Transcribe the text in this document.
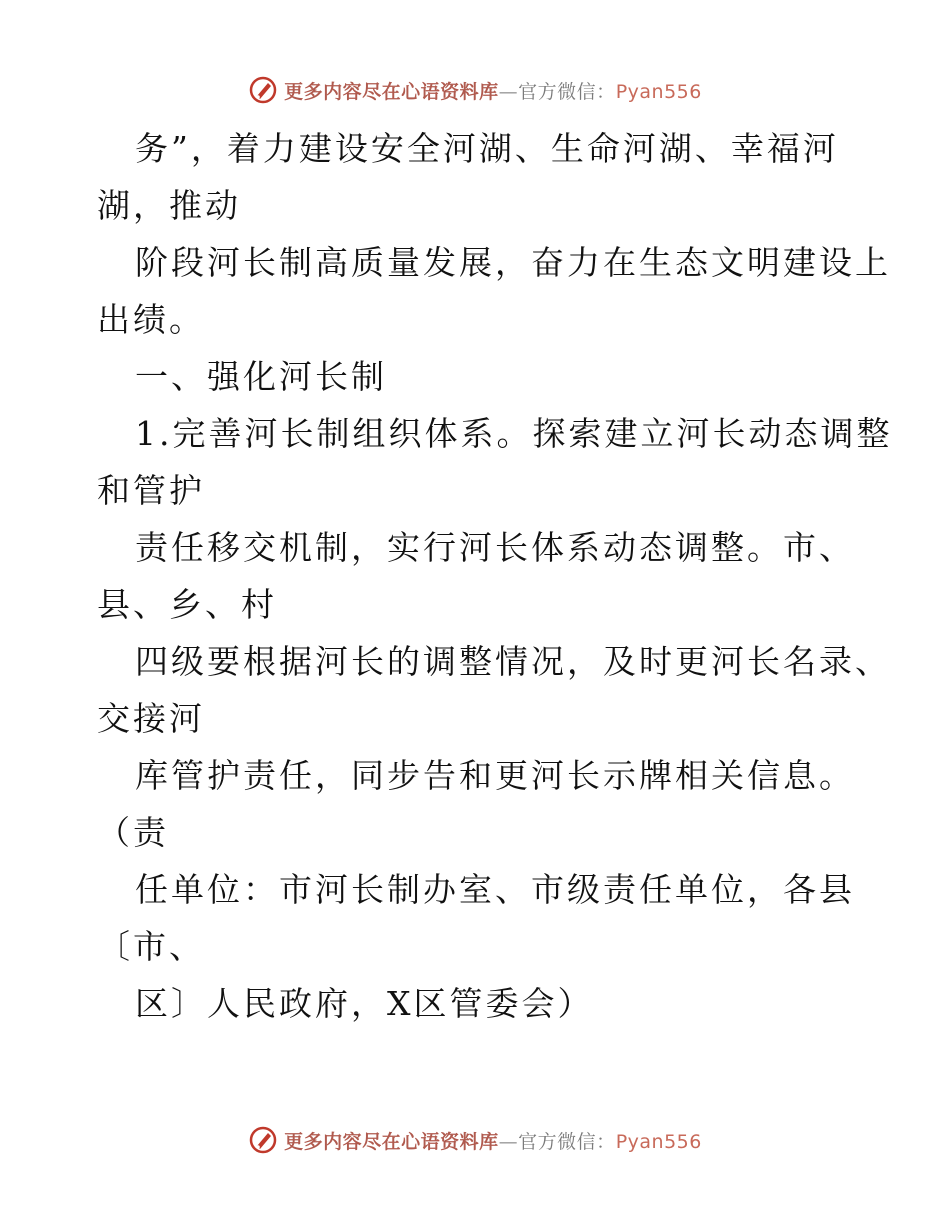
更多内容尽在心语资料库—官方微信：Pyan556
务”，着力建设安全河湖、生命河湖、幸福河
湖，推动
阶段河长制高质量发展，奋力在生态文明建设上
出绩。
一、强化河长制
1.完善河长制组织体系。探索建立河长动态调整
和管护
责任移交机制，实行河长体系动态调整。市、
县、乡、村
四级要根据河长的调整情况，及时更河长名录、
交接河
库管护责任，同步告和更河长示牌相关信息。
（责
任单位：市河长制办室、市级责任单位，各县
〔市、
区〕人民政府，X区管委会）
更多内容尽在心语资料库—官方微信：Pyan556
